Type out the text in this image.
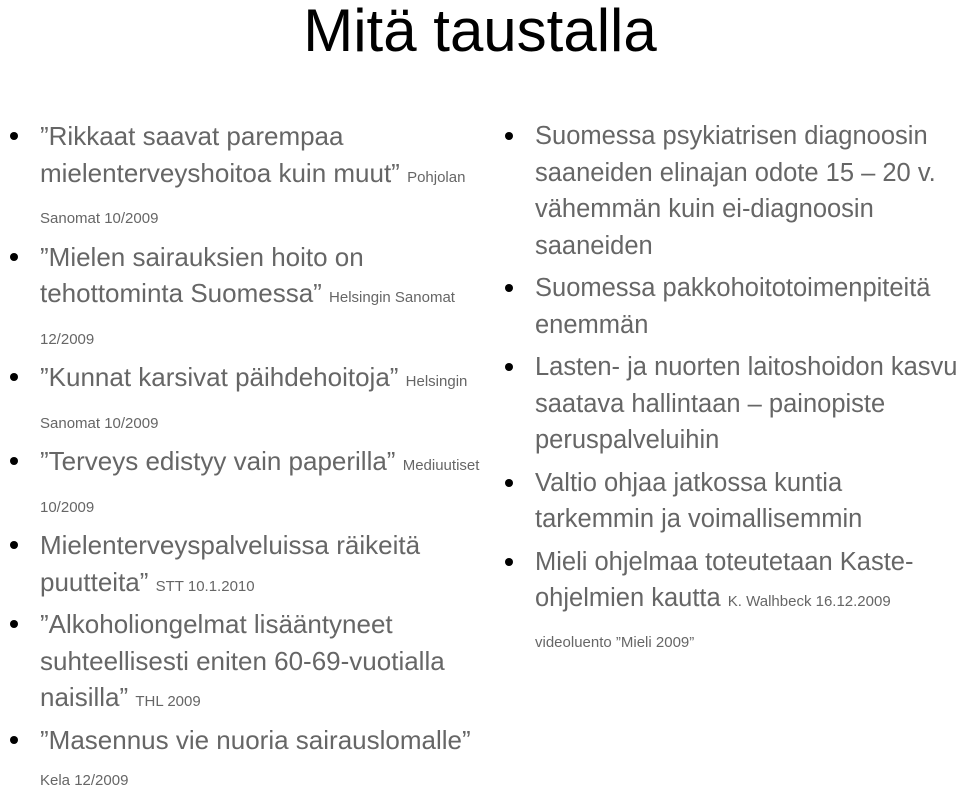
Mitä taustalla
”Rikkaat saavat parempaa mielenterveyshoitoa kuin muut” Pohjolan Sanomat 10/2009
”Mielen sairauksien hoito on tehottominta Suomessa” Helsingin Sanomat 12/2009
”Kunnat karsivat päihdehoitoja” Helsingin Sanomat 10/2009
”Terveys edistyy vain paperilla” Mediuutiset 10/2009
Mielenterveyspalveluissa räikeitä puutteita” STT 10.1.2010
”Alkoholiongelmat lisääntyneet suhteellisesti eniten 60-69-vuotialla naisilla” THL 2009
”Masennus vie nuoria sairauslomalle” Kela 12/2009
Suomessa psykiatrisen diagnoosin saaneiden elinajan odote 15 – 20 v. vähemmän kuin ei-diagnoosin saaneiden
Suomessa pakkohoitotoimenpiteitä enemmän
Lasten- ja nuorten laitoshoidon kasvu saatava hallintaan – painopiste peruspalveluihin
Valtio ohjaa jatkossa kuntia tarkemmin ja voimallisemmin
Mieli ohjelmaa toteutetaan Kaste-ohjelmien kautta K. Walhbeck 16.12.2009 videoluento ”Mieli 2009”
